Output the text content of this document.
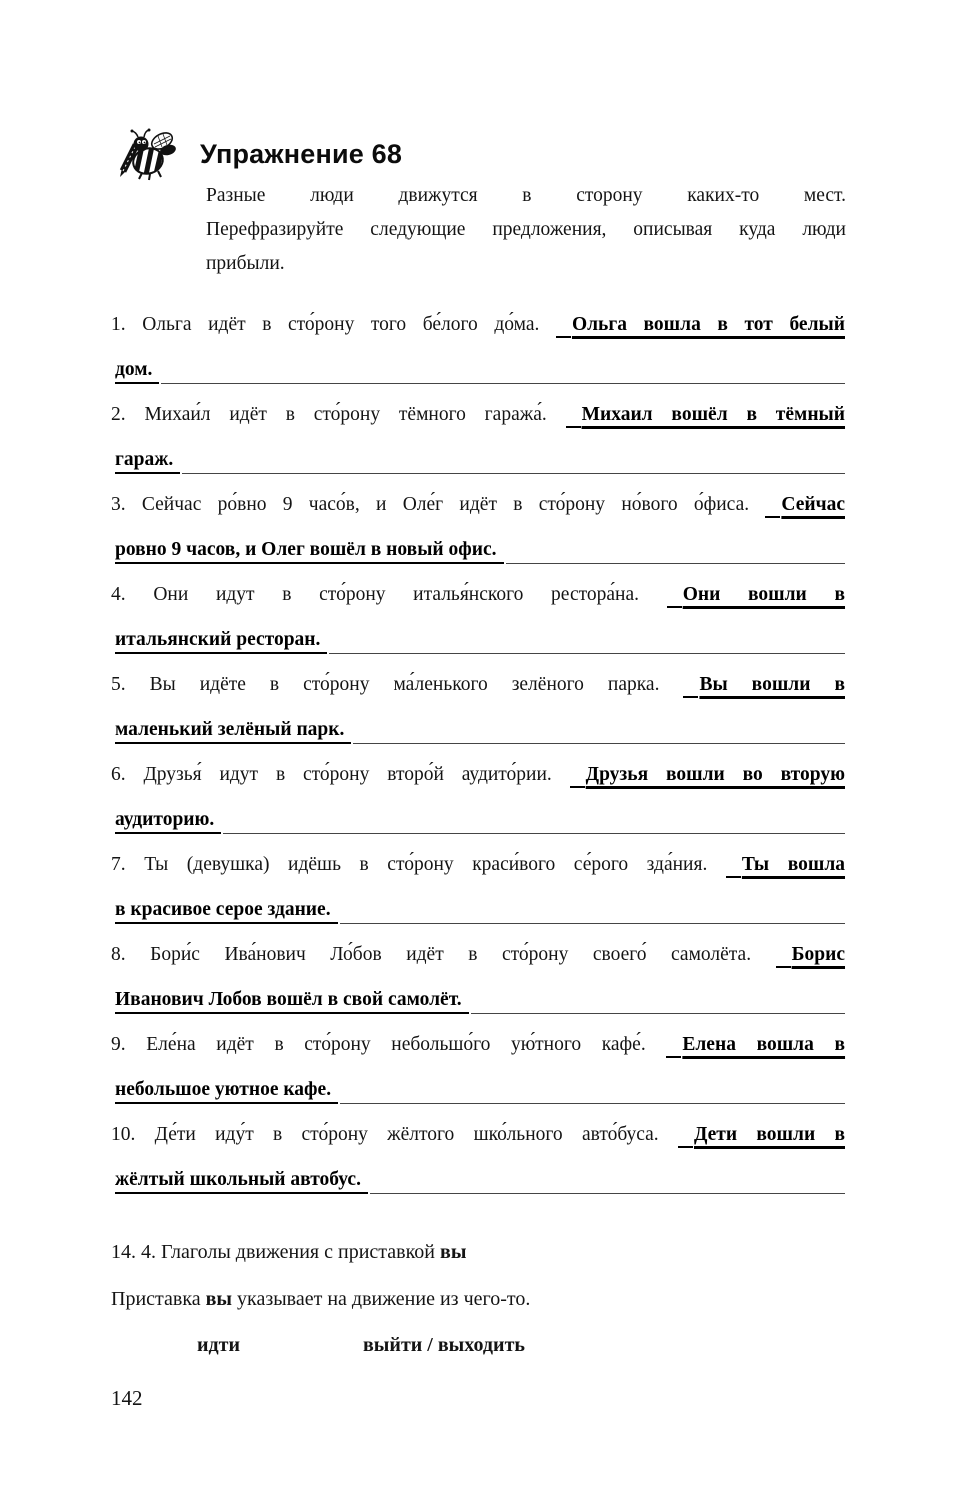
Упражнение 68
Разные люди движутся в сторону каких-то мест.
Перефразируйте следующие предложения, описывая куда люди
прибыли.
1. Ольга идёт в сто́рону того бе́лого до́ма. Ольга вошла в тот белый
дом.
2. Михаи́л идёт в сто́рону тёмного гаража́. Михаил вошёл в тёмный
гараж.
3. Сейчас ро́вно 9 часо́в, и Оле́г идёт в сто́рону но́вого о́фиса. Сейчас
ровно 9 часов, и Олег вошёл в новый офис.
4. Они идут в сто́рону италья́нского рестора́на. Они вошли в
итальянский ресторан.
5. Вы идёте в сто́рону ма́ленького зелёного парка. Вы вошли в
маленький зелёный парк.
6. Друзья́ идут в сто́рону второ́й аудито́рии. Друзья вошли во вторую
аудиторию.
7. Ты (девушка) идёшь в сто́рону краси́вого се́рого зда́ния. Ты вошла
в красивое серое здание.
8. Бори́с Ива́нович Ло́бов идёт в сто́рону своего́ самолёта. Борис
Иванович Лобов вошёл в свой самолёт.
9. Еле́на идёт в сто́рону небольшо́го ую́тного кафе́. Елена вошла в
небольшое уютное кафе.
10. Де́ти иду́т в сто́рону жёлтого шко́льного авто́буса. Дети вошли в
жёлтый школьный автобус.
14. 4. Глаголы движения с приставкой вы
Приставка вы указывает на движение из чего-то.
идти	выйти / выходить
142
